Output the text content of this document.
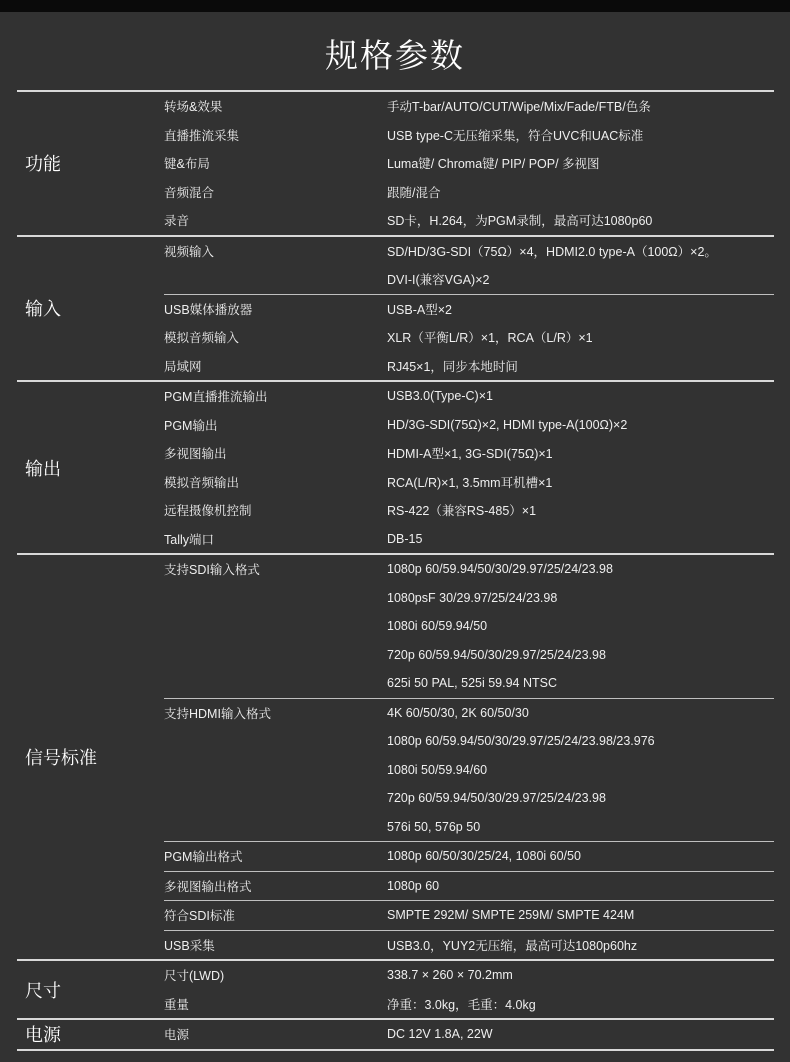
规格参数
功能
转场&效果	手动T-bar/AUTO/CUT/Wipe/Mix/Fade/FTB/色条
直播推流采集	USB type-C无压缩采集，符合UVC和UAC标准
键&布局	Luma键/ Chroma键/ PIP/ POP/ 多视图
音频混合	跟随/混合
录音	SD卡，H.264，为PGM录制，最高可达1080p60
输入
视频输入	SD/HD/3G-SDI（75Ω）×4，HDMI2.0 type-A（100Ω）×2。
DVI-I(兼容VGA)×2
USB媒体播放器	USB-A型×2
模拟音频输入	XLR（平衡L/R）×1，RCA（L/R）×1
局域网	RJ45×1，同步本地时间
输出
PGM直播推流输出	USB3.0(Type-C)×1
PGM输出	HD/3G-SDI(75Ω)×2, HDMI type-A(100Ω)×2
多视图输出	HDMI-A型×1, 3G-SDI(75Ω)×1
模拟音频输出	RCA(L/R)×1, 3.5mm耳机槽×1
远程摄像机控制	RS-422（兼容RS-485）×1
Tally端口	DB-15
信号标准
支持SDI输入格式	1080p 60/59.94/50/30/29.97/25/24/23.98
1080psF 30/29.97/25/24/23.98
1080i 60/59.94/50
720p 60/59.94/50/30/29.97/25/24/23.98
625i 50 PAL, 525i 59.94 NTSC
支持HDMI输入格式	4K 60/50/30, 2K 60/50/30
1080p 60/59.94/50/30/29.97/25/24/23.98/23.976
1080i 50/59.94/60
720p 60/59.94/50/30/29.97/25/24/23.98
576i 50, 576p 50
PGM输出格式	1080p 60/50/30/25/24, 1080i 60/50
多视图输出格式	1080p 60
符合SDI标准	SMPTE 292M/ SMPTE 259M/ SMPTE 424M
USB采集	USB3.0，YUY2无压缩，最高可达1080p60hz
尺寸
尺寸(LWD)	338.7 × 260 × 70.2mm
重量	净重：3.0kg，毛重：4.0kg
电源	电源	DC 12V 1.8A, 22W
